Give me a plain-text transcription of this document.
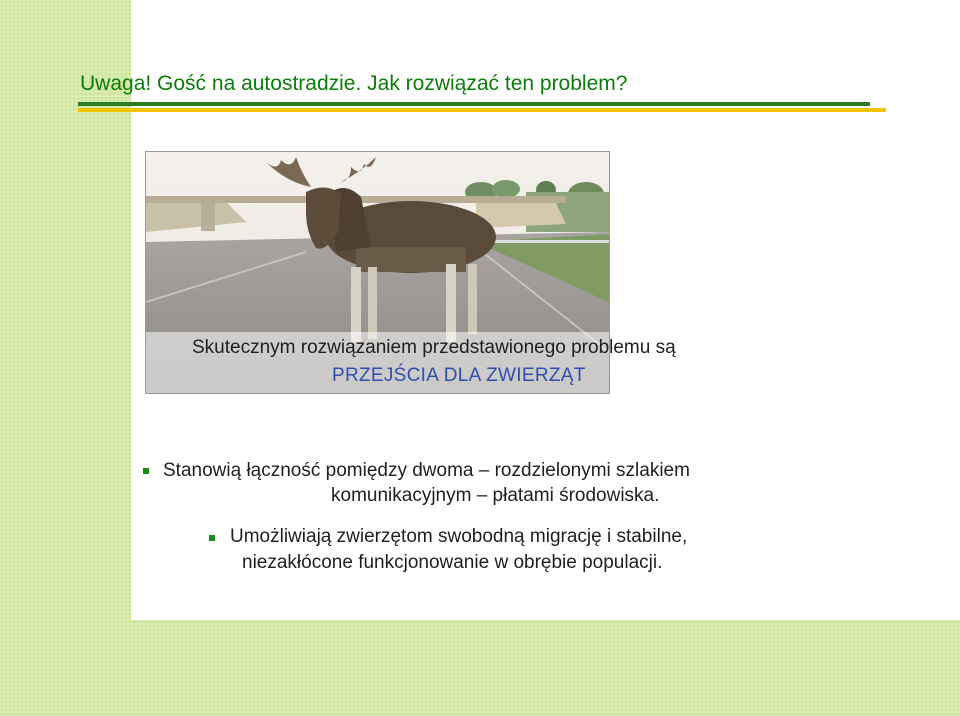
Uwaga! Gość na autostradzie. Jak rozwiązać ten problem?
Skutecznym rozwiązaniem przedstawionego problemu są
PRZEJŚCIA DLA ZWIERZĄT
Stanowią łączność pomiędzy dwoma – rozdzielonymi szlakiem
komunikacyjnym – płatami środowiska.
Umożliwiają zwierzętom swobodną migrację i stabilne,
niezakłócone funkcjonowanie w obrębie populacji.
